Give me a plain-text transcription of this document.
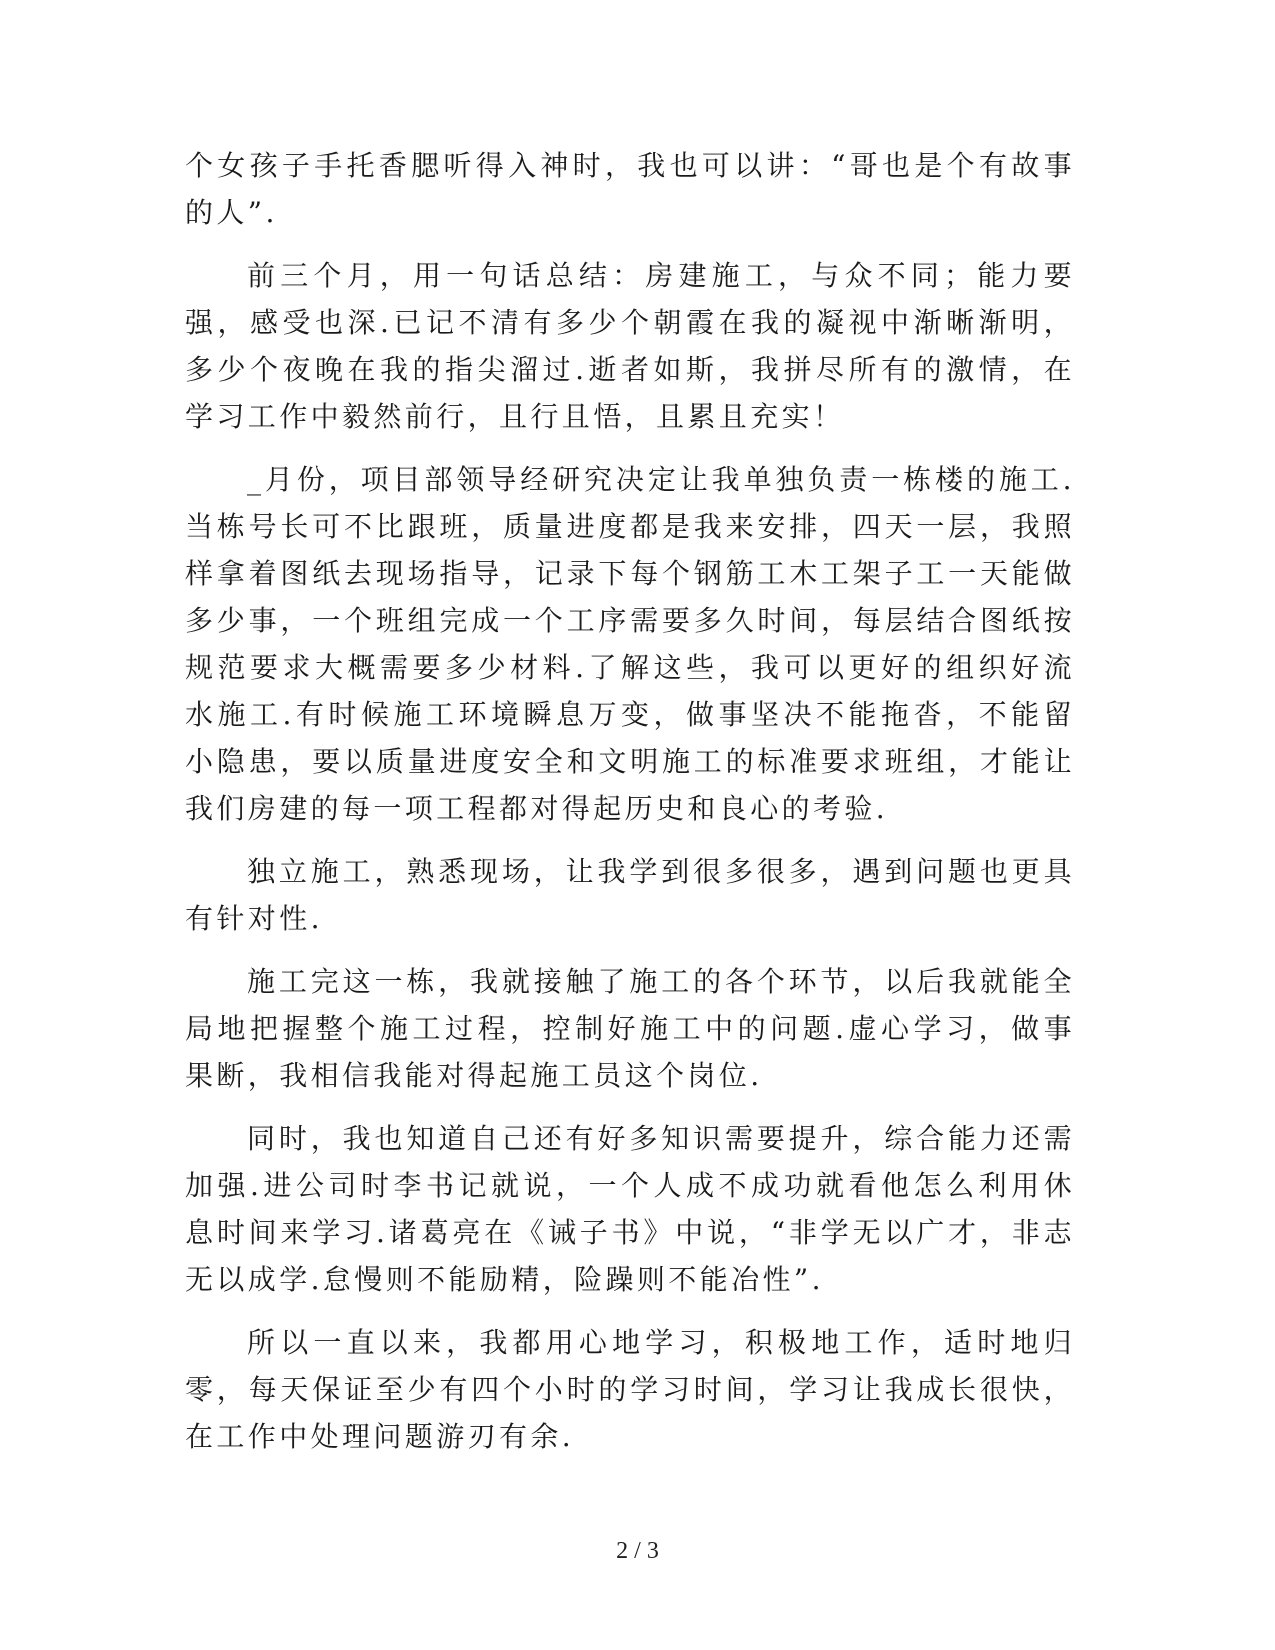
个女孩子手托香腮听得入神时，我也可以讲：“哥也是个有故事的人”.

前三个月，用一句话总结：房建施工，与众不同；能力要强，感受也深.已记不清有多少个朝霞在我的凝视中渐晰渐明，多少个夜晚在我的指尖溜过.逝者如斯，我拼尽所有的激情，在学习工作中毅然前行，且行且悟，且累且充实！

_月份，项目部领导经研究决定让我单独负责一栋楼的施工.当栋号长可不比跟班，质量进度都是我来安排，四天一层，我照样拿着图纸去现场指导，记录下每个钢筋工木工架子工一天能做多少事，一个班组完成一个工序需要多久时间，每层结合图纸按规范要求大概需要多少材料.了解这些，我可以更好的组织好流水施工.有时候施工环境瞬息万变，做事坚决不能拖沓，不能留小隐患，要以质量进度安全和文明施工的标准要求班组，才能让我们房建的每一项工程都对得起历史和良心的考验.

独立施工，熟悉现场，让我学到很多很多，遇到问题也更具有针对性.

施工完这一栋，我就接触了施工的各个环节，以后我就能全局地把握整个施工过程，控制好施工中的问题.虚心学习，做事果断，我相信我能对得起施工员这个岗位.

同时，我也知道自己还有好多知识需要提升，综合能力还需加强.进公司时李书记就说，一个人成不成功就看他怎么利用休息时间来学习.诸葛亮在《诫子书》中说，“非学无以广才，非志无以成学.怠慢则不能励精，险躁则不能冶性”.

所以一直以来，我都用心地学习，积极地工作，适时地归零，每天保证至少有四个小时的学习时间，学习让我成长很快，在工作中处理问题游刃有余.

2 / 3
